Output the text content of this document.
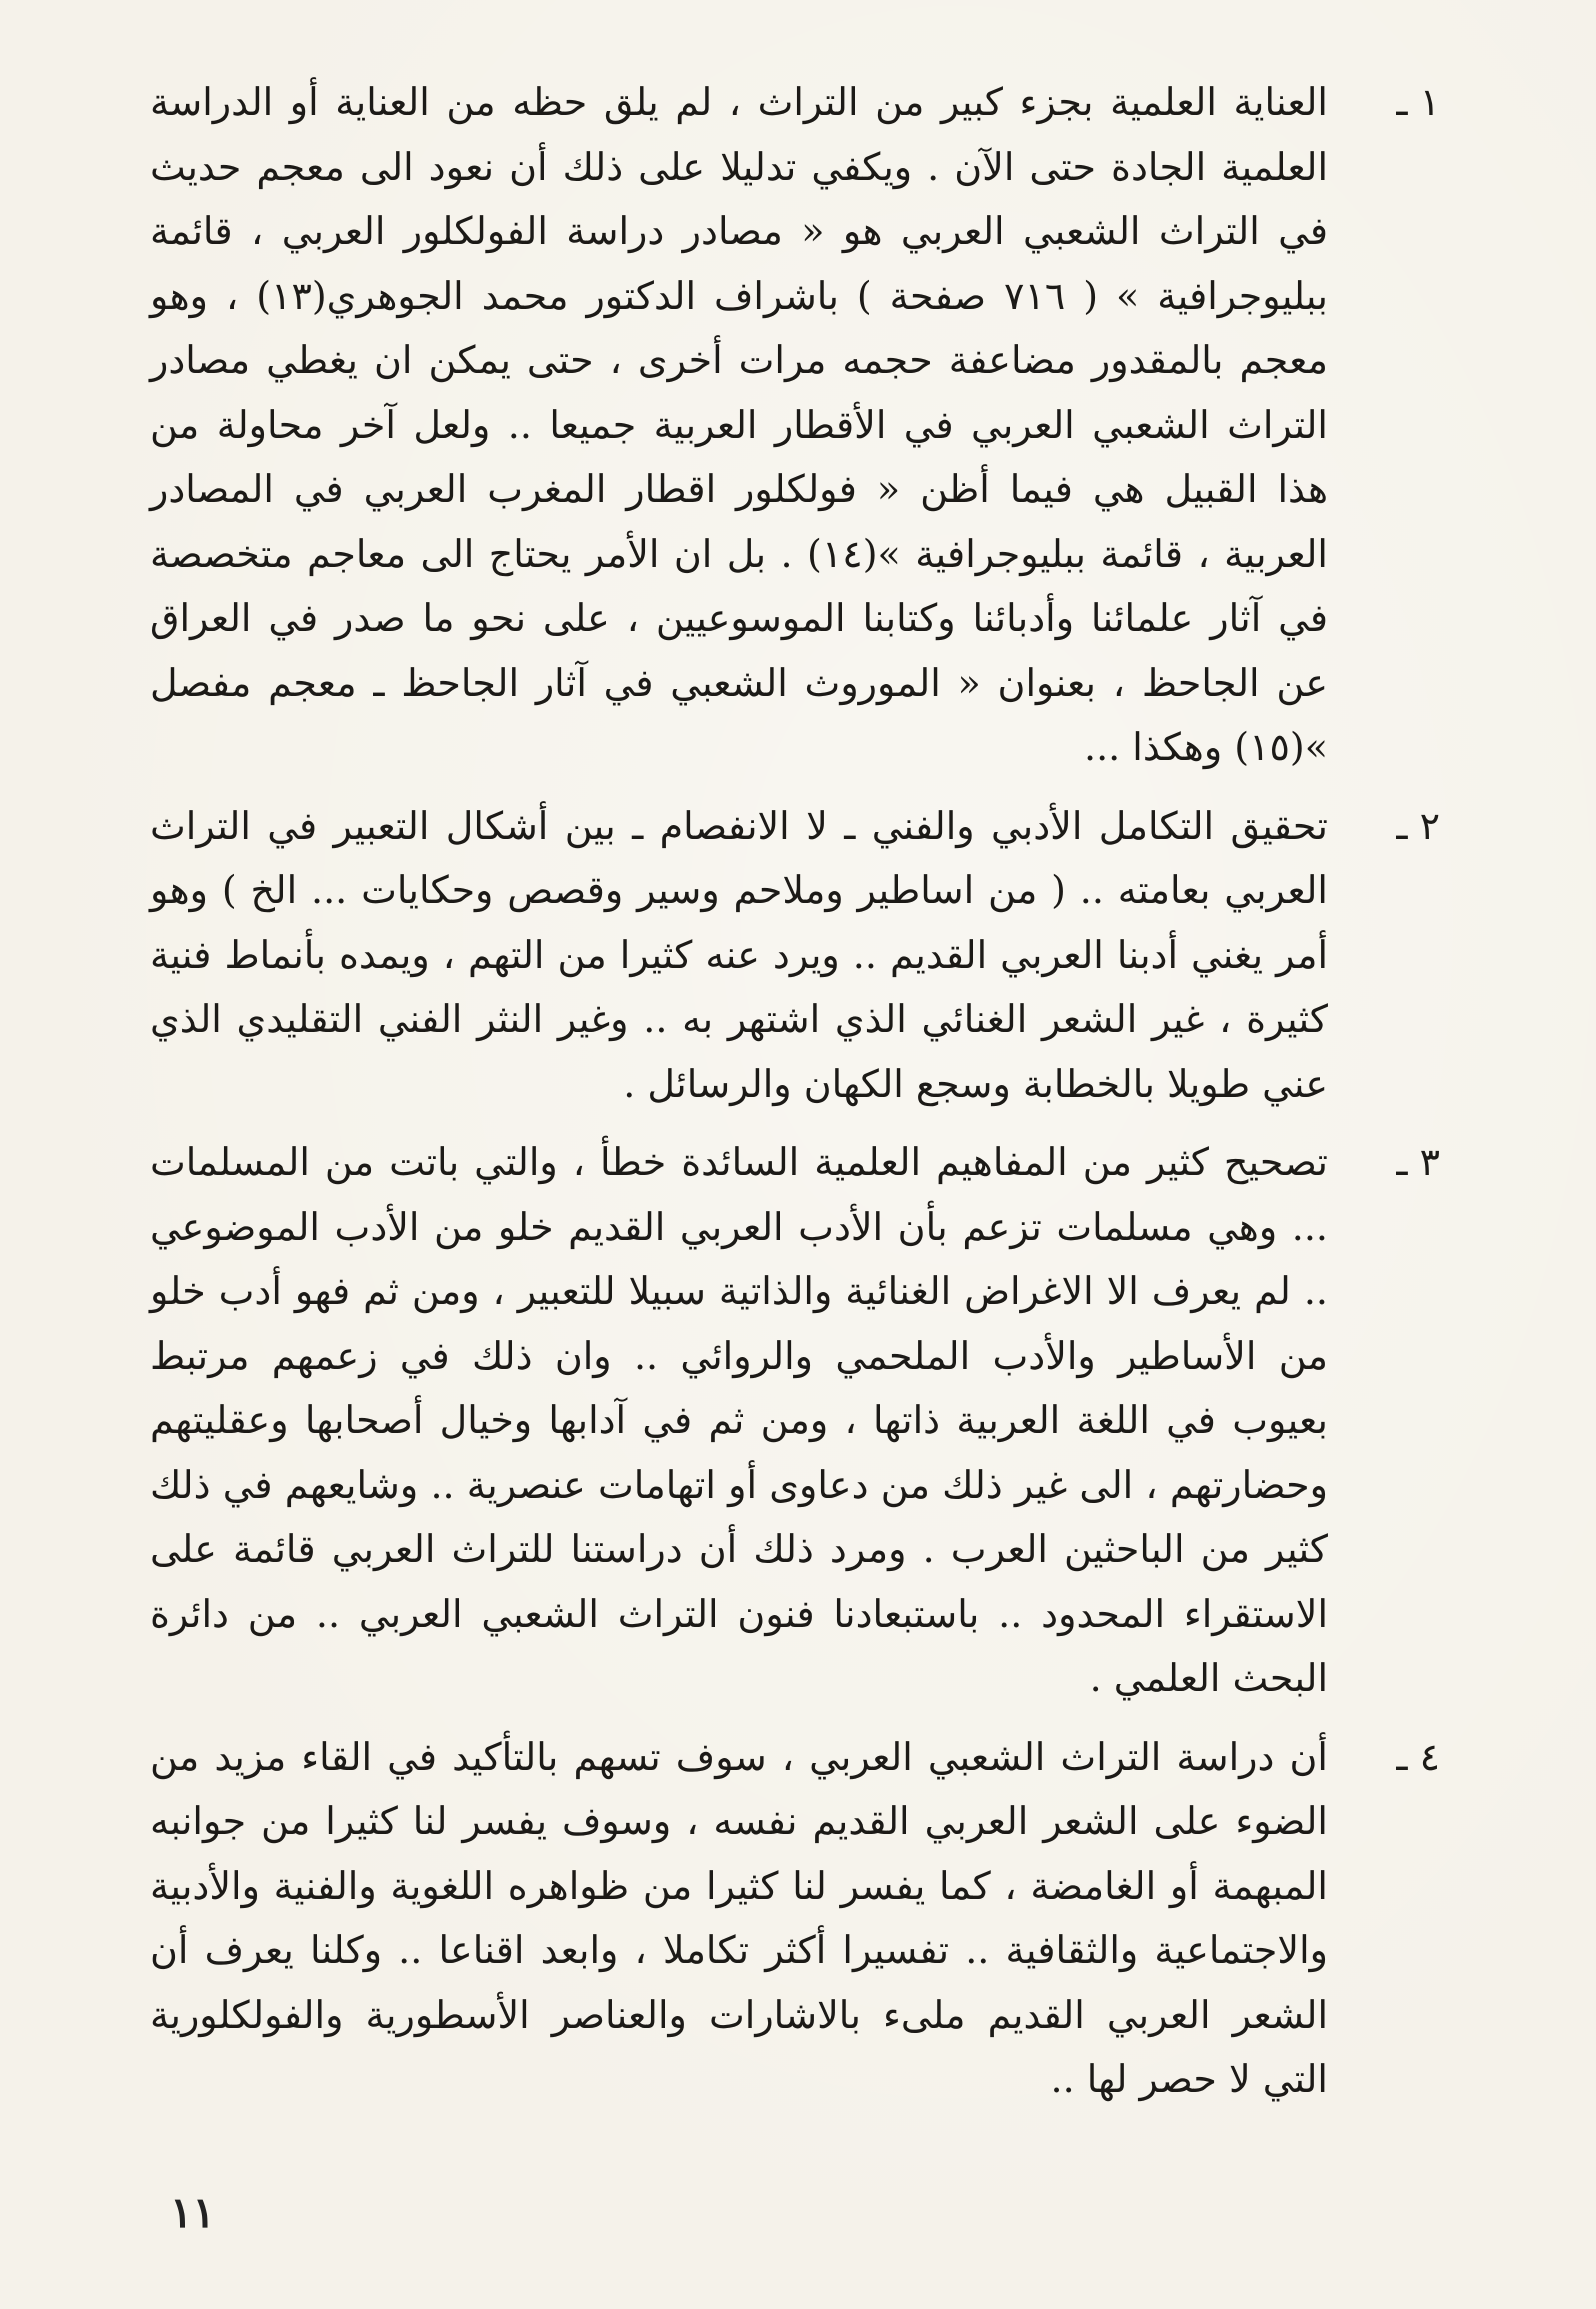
١ ـ

العناية العلمية بجزء كبير من التراث ، لم يلق حظه من العناية أو الدراسة العلمية الجادة حتى الآن . ويكفي تدليلا على ذلك أن نعود الى معجم حديث في التراث الشعبي العربي هو « مصادر دراسة الفولكلور العربي ، قائمة ببليوجرافية » ( ٧١٦ صفحة ) باشراف الدكتور محمد الجوهري(١٣) ، وهو معجم بالمقدور مضاعفة حجمه مرات أخرى ، حتى يمكن ان يغطي مصادر التراث الشعبي العربي في الأقطار العربية جميعا .. ولعل آخر محاولة من هذا القبيل هي فيما أظن « فولكلور اقطار المغرب العربي في المصادر العربية ، قائمة ببليوجرافية »(١٤) . بل ان الأمر يحتاج الى معاجم متخصصة في آثار علمائنا وأدبائنا وكتابنا الموسوعيين ، على نحو ما صدر في العراق عن الجاحظ ، بعنوان « الموروث الشعبي في آثار الجاحظ ـ معجم مفصل »(١٥) وهكذا ...

٢ ـ

تحقيق التكامل الأدبي والفني ـ لا الانفصام ـ بين أشكال التعبير في التراث العربي بعامته .. ( من اساطير وملاحم وسير وقصص وحكايات ... الخ ) وهو أمر يغني أدبنا العربي القديم .. ويرد عنه كثيرا من التهم ، ويمده بأنماط فنية كثيرة ، غير الشعر الغنائي الذي اشتهر به .. وغير النثر الفني التقليدي الذي عني طويلا بالخطابة وسجع الكهان والرسائل .

٣ ـ

تصحيح كثير من المفاهيم العلمية السائدة خطأ ، والتي باتت من المسلمات ... وهي مسلمات تزعم بأن الأدب العربي القديم خلو من الأدب الموضوعي .. لم يعرف الا الاغراض الغنائية والذاتية سبيلا للتعبير ، ومن ثم فهو أدب خلو من الأساطير والأدب الملحمي والروائي .. وان ذلك في زعمهم مرتبط بعيوب في اللغة العربية ذاتها ، ومن ثم في آدابها وخيال أصحابها وعقليتهم وحضارتهم ، الى غير ذلك من دعاوى أو اتهامات عنصرية .. وشايعهم في ذلك كثير من الباحثين العرب . ومرد ذلك أن دراستنا للتراث العربي قائمة على الاستقراء المحدود .. باستبعادنا فنون التراث الشعبي العربي .. من دائرة البحث العلمي .

٤ ـ

أن دراسة التراث الشعبي العربي ، سوف تسهم بالتأكيد في القاء مزيد من الضوء على الشعر العربي القديم نفسه ، وسوف يفسر لنا كثيرا من جوانبه المبهمة أو الغامضة ، كما يفسر لنا كثيرا من ظواهره اللغوية والفنية والأدبية والاجتماعية والثقافية .. تفسيرا أكثر تكاملا ، وابعد اقناعا .. وكلنا يعرف أن الشعر العربي القديم ملىء بالاشارات والعناصر الأسطورية والفولكلورية التي لا حصر لها ..

١١
